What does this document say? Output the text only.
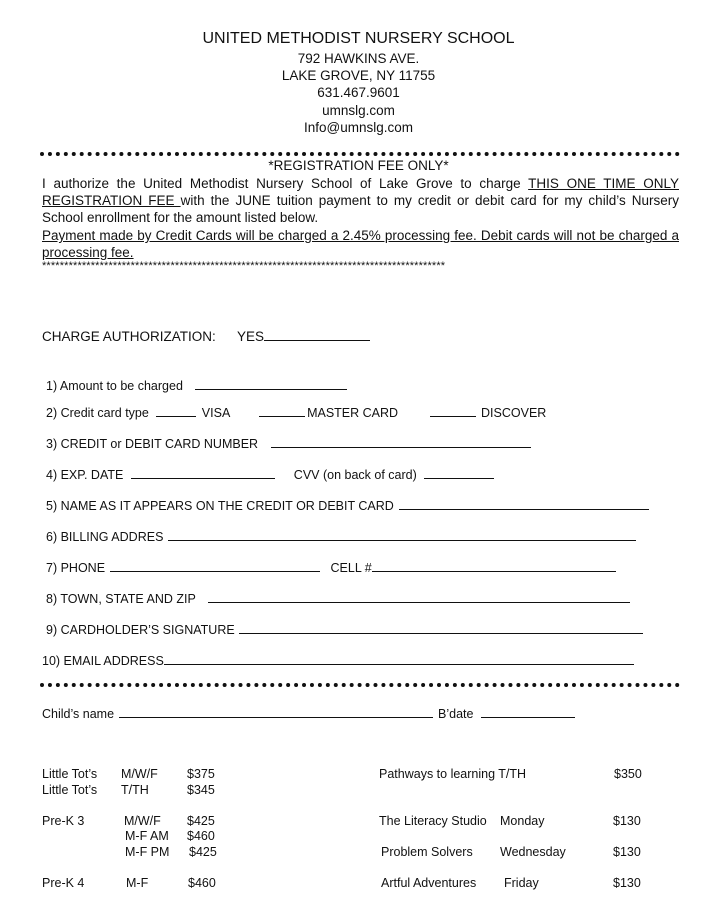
UNITED METHODIST NURSERY SCHOOL
792 HAWKINS AVE.
LAKE GROVE, NY 11755
631.467.9601
umnslg.com
Info@umnslg.com
*REGISTRATION FEE ONLY*
I authorize the United Methodist Nursery School of Lake Grove to charge THIS ONE TIME ONLY REGISTRATION FEE with the JUNE tuition payment to my credit or debit card for my child’s Nursery School enrollment for the amount listed below.
Payment made by Credit Cards will be charged a 2.45% processing fee. Debit cards will not be charged a processing fee.
*******************************************************************************************
CHARGE AUTHORIZATION: YES
1) Amount to be charged
2) Credit card type	VISA	MASTER CARD	DISCOVER
3) CREDIT or DEBIT CARD NUMBER
4) EXP. DATE	CVV (on back of card)
5) NAME AS IT APPEARS ON THE CREDIT OR DEBIT CARD
6) BILLING ADDRES
7) PHONE	CELL #
8) TOWN, STATE AND ZIP
9) CARDHOLDER’S SIGNATURE
10) EMAIL ADDRESS
Child’s name	B’date
Little Tot’s M/W/F $375
Little Tot’s T/TH	$345
Pre-K 3	M/W/F $425
M-F AM $460
M-F PM $425
Pre-K 4	M-F	$460
Pathways to learning T/TH	$350
The Literacy Studio Monday	$130
Problem Solvers Wednesday	$130
Artful Adventures Friday	$130
